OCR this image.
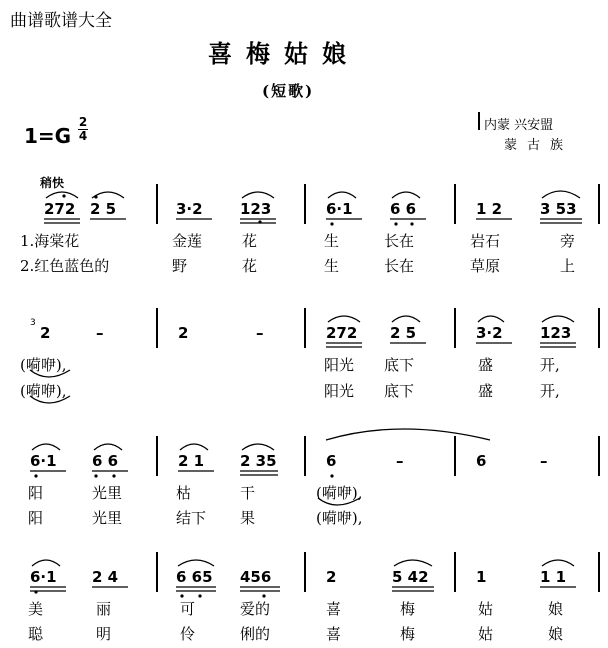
曲谱歌谱大全
喜梅姑娘
(短歌)
1=G
2
4
内蒙 兴安盟
蒙古族
稍快
272 2 5	3·2 123	6·1 6 6	1 2	3 53
1.海棠花	金莲	花	生	长在	岩石	旁
2.红色蓝色的	野	花	生	长在	草原	上
3
2	–	2	–	272 2 5	3·2 123
(嗬咿),	阳光 底下	盛	开,
(嗬咿),	阳光 底下	盛	开,
6·1 6 6	2 1 2 35	6	–	6	–
阳	光里	枯	干	(嗬咿),
阳	光里	结下 果	(嗬咿),
6·1 2 4	6 65 456	2	5 42	1	1 1
美	丽	可	爱的	喜	梅	姑	娘
聪	明	伶	俐的	喜	梅	姑	娘
